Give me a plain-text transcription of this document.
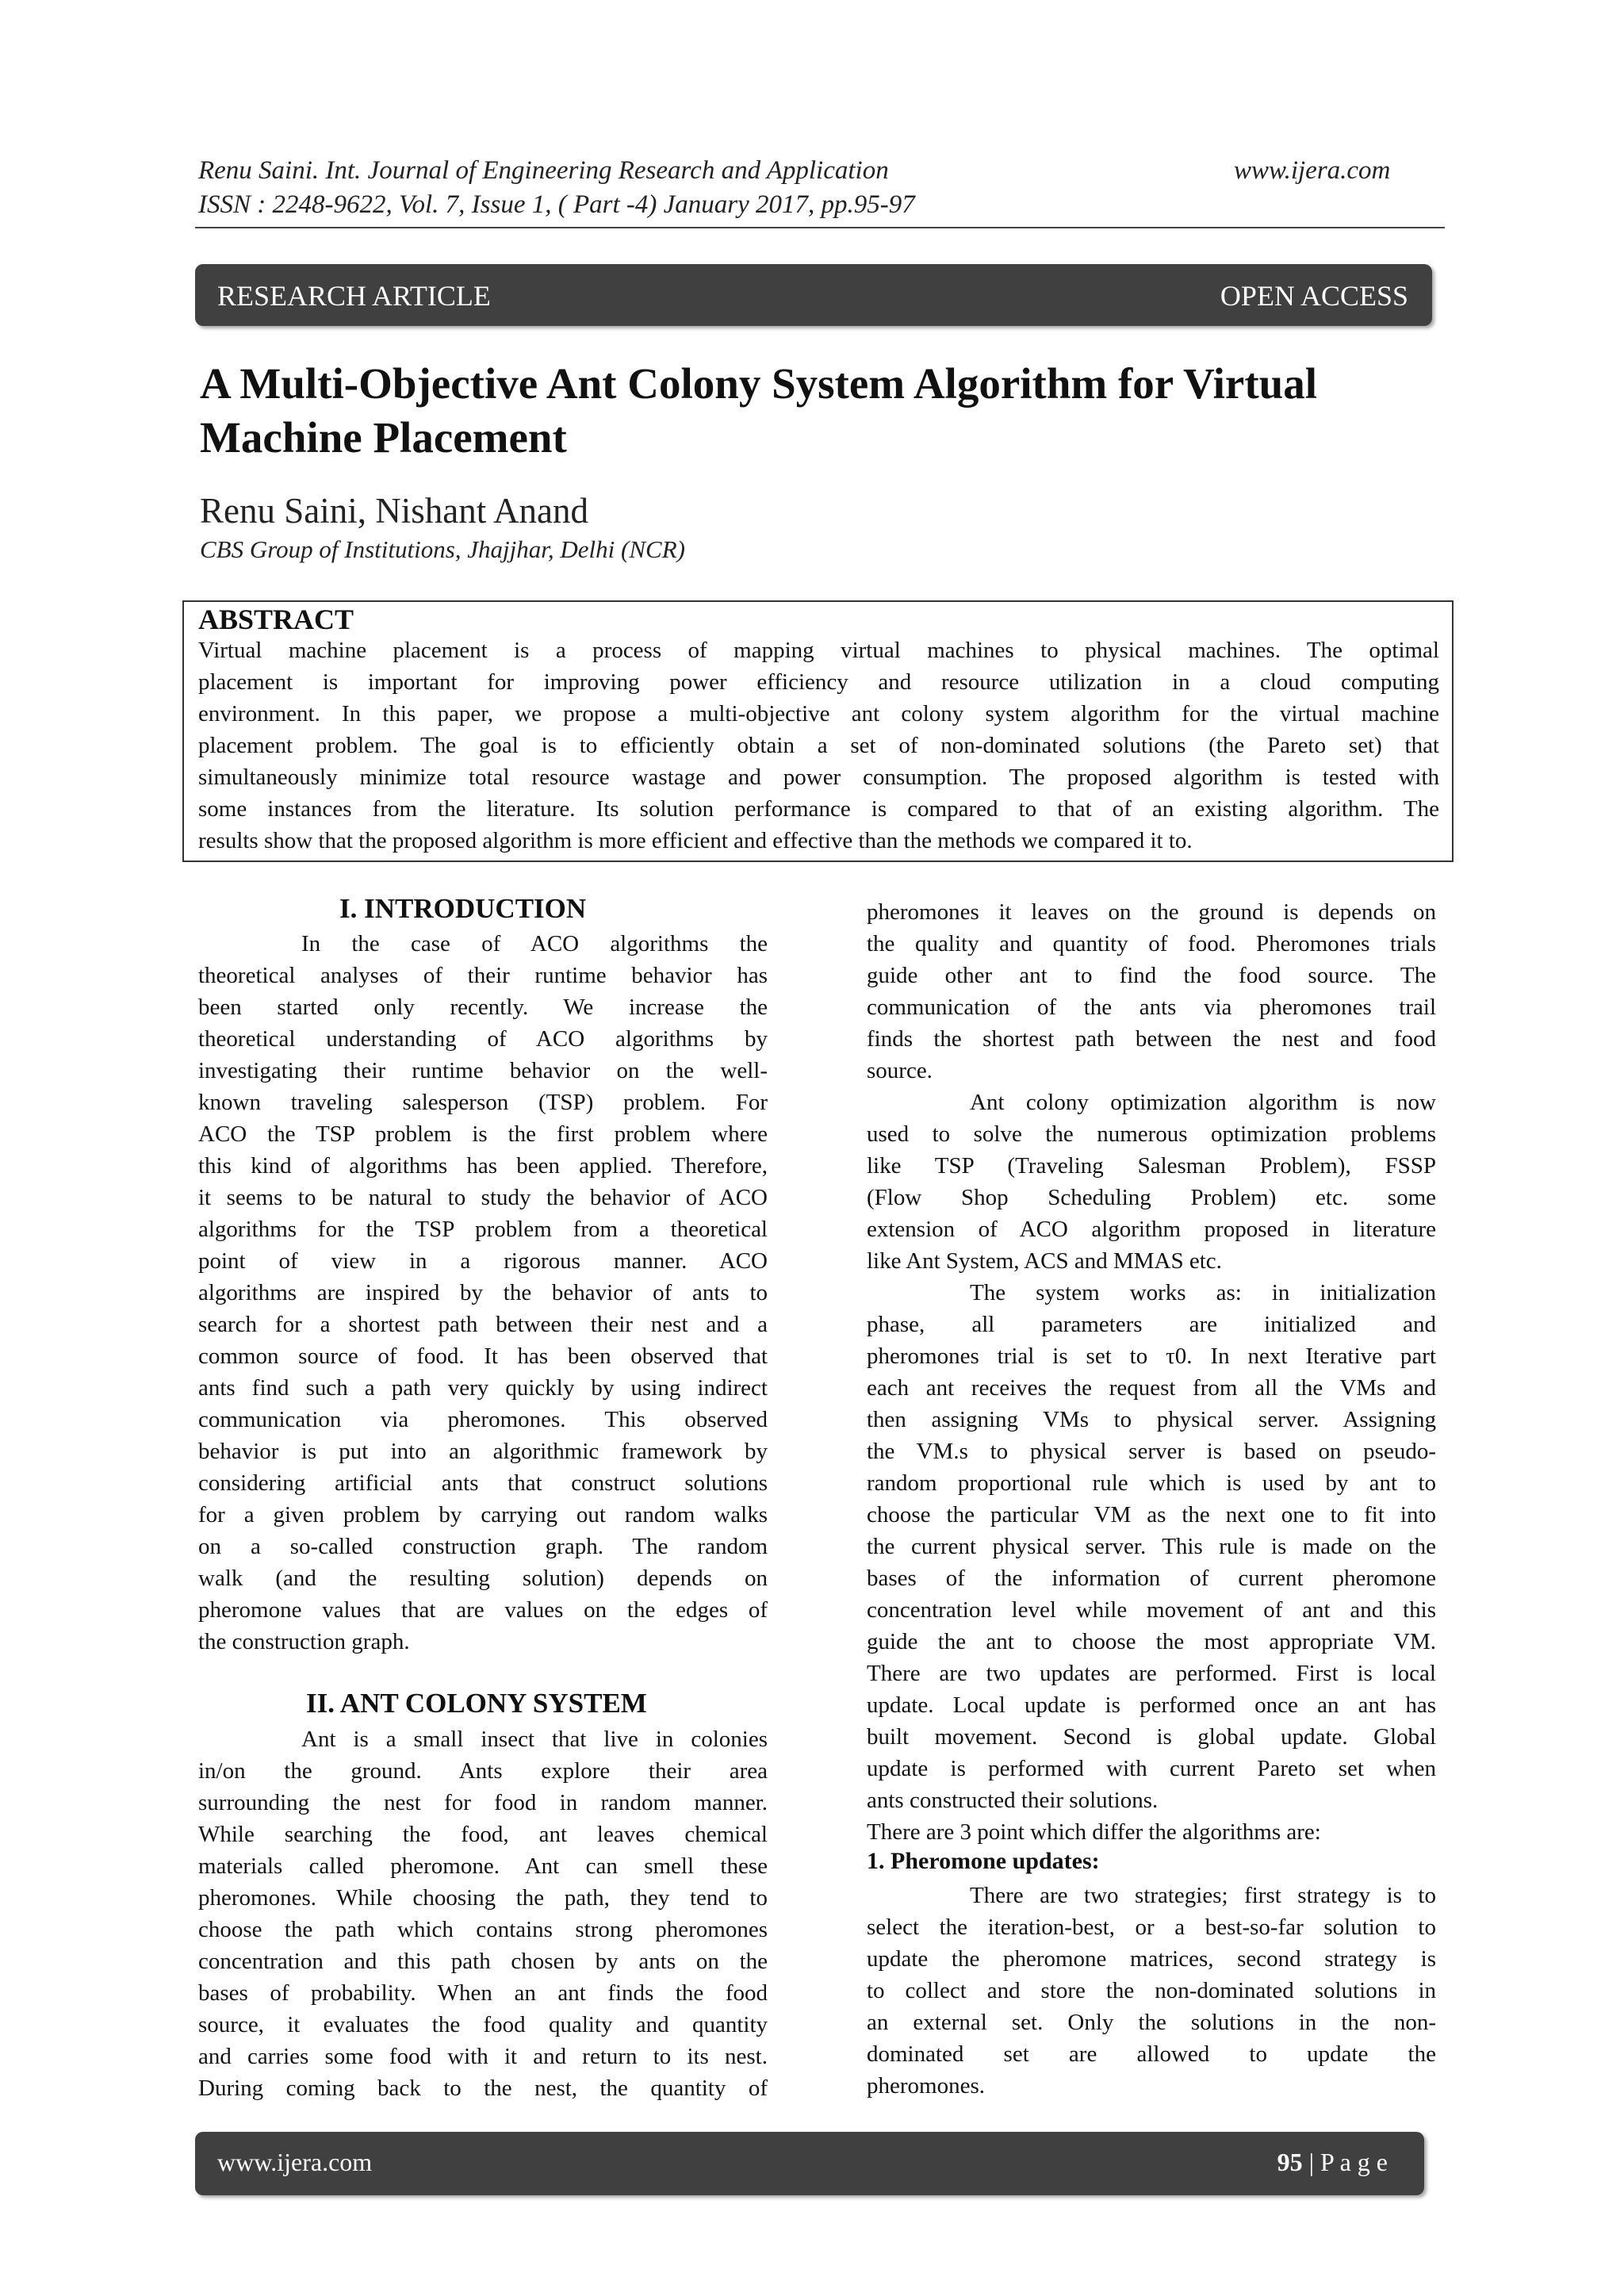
Renu Saini. Int. Journal of Engineering Research and Application	www.ijera.com
ISSN : 2248-9622, Vol. 7, Issue 1, ( Part -4) January 2017, pp.95-97
RESEARCH ARTICLE	OPEN ACCESS
A Multi-Objective Ant Colony System Algorithm for Virtual
Machine Placement
Renu Saini, Nishant Anand
CBS Group of Institutions, Jhajjhar, Delhi (NCR)
ABSTRACT
Virtual machine placement is a process of mapping virtual machines to physical machines. The optimal
placement is important for improving power efficiency and resource utilization in a cloud computing
environment. In this paper, we propose a multi-objective ant colony system algorithm for the virtual machine
placement problem. The goal is to efficiently obtain a set of non-dominated solutions (the Pareto set) that
simultaneously minimize total resource wastage and power consumption. The proposed algorithm is tested with
some instances from the literature. Its solution performance is compared to that of an existing algorithm. The
results show that the proposed algorithm is more efficient and effective than the methods we compared it to.
I. INTRODUCTION
In the case of ACO algorithms the
theoretical analyses of their runtime behavior has
been started only recently. We increase the
theoretical understanding of ACO algorithms by
investigating their runtime behavior on the well-
known traveling salesperson (TSP) problem. For
ACO the TSP problem is the first problem where
this kind of algorithms has been applied. Therefore,
it seems to be natural to study the behavior of ACO
algorithms for the TSP problem from a theoretical
point of view in a rigorous manner. ACO
algorithms are inspired by the behavior of ants to
search for a shortest path between their nest and a
common source of food. It has been observed that
ants find such a path very quickly by using indirect
communication via pheromones. This observed
behavior is put into an algorithmic framework by
considering artificial ants that construct solutions
for a given problem by carrying out random walks
on a so-called construction graph. The random
walk (and the resulting solution) depends on
pheromone values that are values on the edges of
the construction graph.
II. ANT COLONY SYSTEM
Ant is a small insect that live in colonies
in/on the ground. Ants explore their area
surrounding the nest for food in random manner.
While searching the food, ant leaves chemical
materials called pheromone. Ant can smell these
pheromones. While choosing the path, they tend to
choose the path which contains strong pheromones
concentration and this path chosen by ants on the
bases of probability. When an ant finds the food
source, it evaluates the food quality and quantity
and carries some food with it and return to its nest.
During coming back to the nest, the quantity of
pheromones it leaves on the ground is depends on
the quality and quantity of food. Pheromones trials
guide other ant to find the food source. The
communication of the ants via pheromones trail
finds the shortest path between the nest and food
source.
Ant colony optimization algorithm is now
used to solve the numerous optimization problems
like TSP (Traveling Salesman Problem), FSSP
(Flow Shop Scheduling Problem) etc. some
extension of ACO algorithm proposed in literature
like Ant System, ACS and MMAS etc.
The system works as: in initialization
phase, all parameters are initialized and
pheromones trial is set to τ0. In next Iterative part
each ant receives the request from all the VMs and
then assigning VMs to physical server. Assigning
the VM.s to physical server is based on pseudo-
random proportional rule which is used by ant to
choose the particular VM as the next one to fit into
the current physical server. This rule is made on the
bases of the information of current pheromone
concentration level while movement of ant and this
guide the ant to choose the most appropriate VM.
There are two updates are performed. First is local
update. Local update is performed once an ant has
built movement. Second is global update. Global
update is performed with current Pareto set when
ants constructed their solutions.
There are 3 point which differ the algorithms are:
1. Pheromone updates:
There are two strategies; first strategy is to
select the iteration-best, or a best-so-far solution to
update the pheromone matrices, second strategy is
to collect and store the non-dominated solutions in
an external set. Only the solutions in the non-
dominated set are allowed to update the
pheromones.
www.ijera.com	95 | P a g e
